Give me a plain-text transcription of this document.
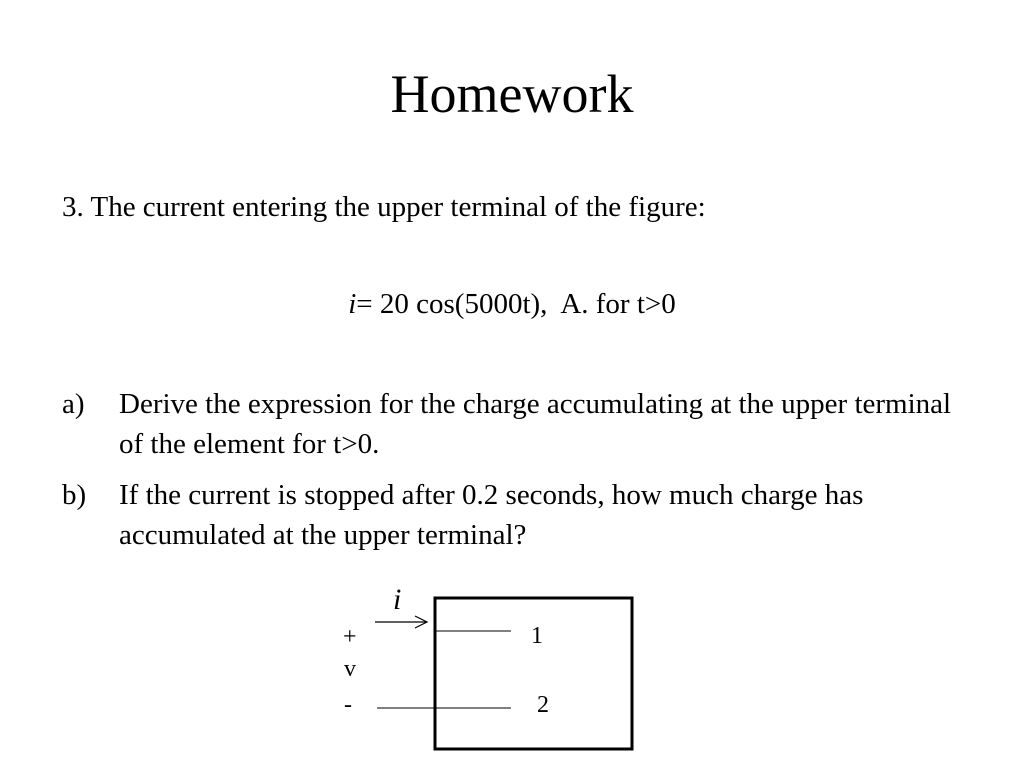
Homework
3. The current entering the upper terminal of the figure:
i= 20 cos(5000t),  A. for t>0
a) Derive the expression for the charge accumulating at the upper terminal of the element for t>0.
b) If the current is stopped after 0.2 seconds, how much charge has accumulated at the upper terminal?
i
+
v
-
1
2
